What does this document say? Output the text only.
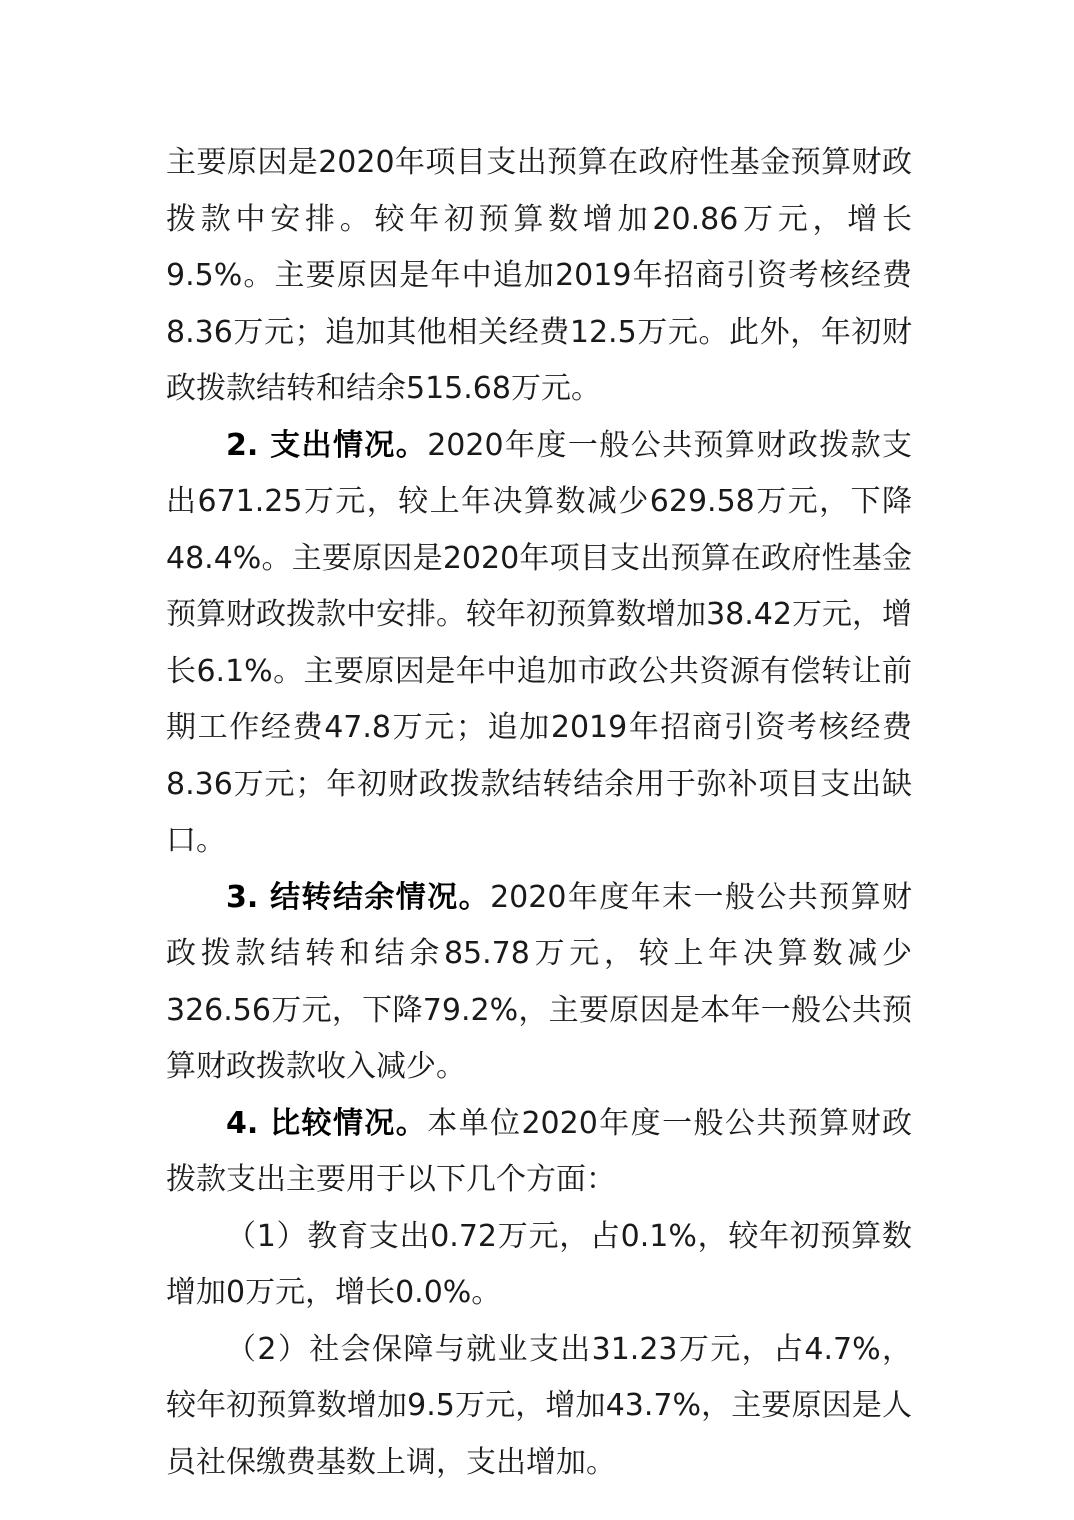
主要原因是2020年项目支出预算在政府性基金预算财政拨款中安排。较年初预算数增加20.86万元，增长9.5%。主要原因是年中追加2019年招商引资考核经费8.36万元；追加其他相关经费12.5万元。此外，年初财政拨款结转和结余515.68万元。

2. 支出情况。2020年度一般公共预算财政拨款支出671.25万元，较上年决算数减少629.58万元，下降48.4%。主要原因是2020年项目支出预算在政府性基金预算财政拨款中安排。较年初预算数增加38.42万元，增长6.1%。主要原因是年中追加市政公共资源有偿转让前期工作经费47.8万元；追加2019年招商引资考核经费8.36万元；年初财政拨款结转结余用于弥补项目支出缺口。

3. 结转结余情况。2020年度年末一般公共预算财政拨款结转和结余85.78万元，较上年决算数减少326.56万元，下降79.2%，主要原因是本年一般公共预算财政拨款收入减少。

4. 比较情况。本单位2020年度一般公共预算财政拨款支出主要用于以下几个方面：

（1）教育支出0.72万元，占0.1%，较年初预算数增加0万元，增长0.0%。

（2）社会保障与就业支出31.23万元，占4.7%，较年初预算数增加9.5万元，增加43.7%，主要原因是人员社保缴费基数上调，支出增加。
